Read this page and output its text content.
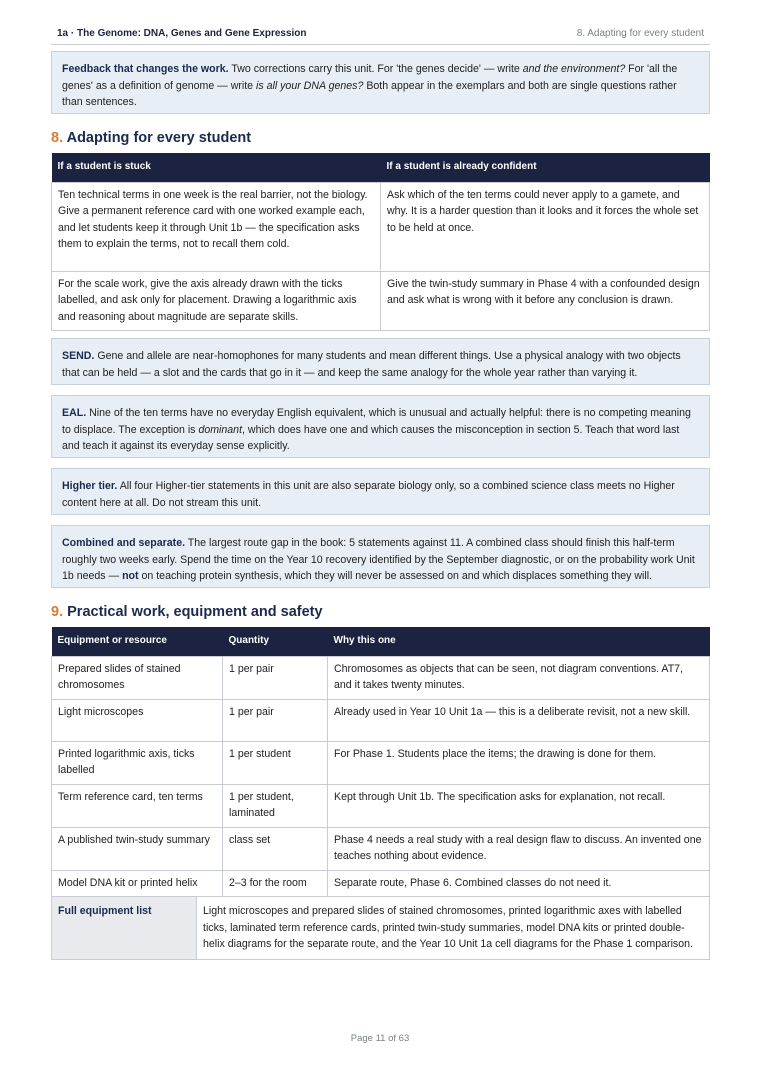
1a · The Genome: DNA, Genes and Gene Expression	8. Adapting for every student
Feedback that changes the work. Two corrections carry this unit. For 'the genes decide' — write and the environment? For 'all the genes' as a definition of genome — write is all your DNA genes? Both appear in the exemplars and both are single questions rather than sentences.
8. Adapting for every student
If a student is stuck	If a student is already confident
Ten technical terms in one week is the real barrier, not the biology. Give a permanent reference card with one worked example each, and let students keep it through Unit 1b — the specification asks them to explain the terms, not to recall them cold.	Ask which of the ten terms could never apply to a gamete, and why. It is a harder question than it looks and it forces the whole set to be held at once.
For the scale work, give the axis already drawn with the ticks labelled, and ask only for placement. Drawing a logarithmic axis and reasoning about magnitude are separate skills.	Give the twin-study summary in Phase 4 with a confounded design and ask what is wrong with it before any conclusion is drawn.
SEND. Gene and allele are near-homophones for many students and mean different things. Use a physical analogy with two objects that can be held — a slot and the cards that go in it — and keep the same analogy for the whole year rather than varying it.
EAL. Nine of the ten terms have no everyday English equivalent, which is unusual and actually helpful: there is no competing meaning to displace. The exception is dominant, which does have one and which causes the misconception in section 5. Teach that word last and teach it against its everyday sense explicitly.
Higher tier. All four Higher-tier statements in this unit are also separate biology only, so a combined science class meets no Higher content here at all. Do not stream this unit.
Combined and separate. The largest route gap in the book: 5 statements against 11. A combined class should finish this half-term roughly two weeks early. Spend the time on the Year 10 recovery identified by the September diagnostic, or on the probability work Unit 1b needs — not on teaching protein synthesis, which they will never be assessed on and which displaces something they will.
9. Practical work, equipment and safety
Equipment or resource	Quantity	Why this one
Prepared slides of stained chromosomes	1 per pair	Chromosomes as objects that can be seen, not diagram conventions. AT7, and it takes twenty minutes.
Light microscopes	1 per pair	Already used in Year 10 Unit 1a — this is a deliberate revisit, not a new skill.
Printed logarithmic axis, ticks labelled	1 per student	For Phase 1. Students place the items; the drawing is done for them.
Term reference card, ten terms	1 per student, laminated	Kept through Unit 1b. The specification asks for explanation, not recall.
A published twin-study summary	class set	Phase 4 needs a real study with a real design flaw to discuss. An invented one teaches nothing about evidence.
Model DNA kit or printed helix	2–3 for the room	Separate route, Phase 6. Combined classes do not need it.
Full equipment list	Light microscopes and prepared slides of stained chromosomes, printed logarithmic axes with labelled ticks, laminated term reference cards, printed twin-study summaries, model DNA kits or printed double-helix diagrams for the separate route, and the Year 10 Unit 1a cell diagrams for the Phase 1 comparison.
Page 11 of 63
